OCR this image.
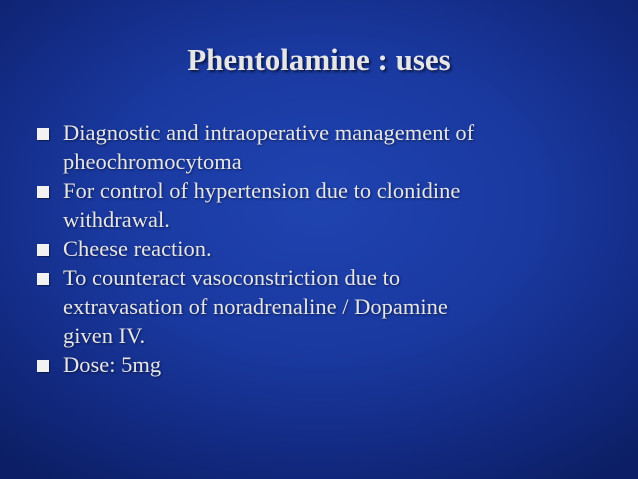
Phentolamine : uses
Diagnostic and intraoperative management of
pheochromocytoma
For control of hypertension due to clonidine
withdrawal.
Cheese reaction.
To counteract vasoconstriction due to
extravasation of noradrenaline / Dopamine
given IV.
Dose: 5mg
